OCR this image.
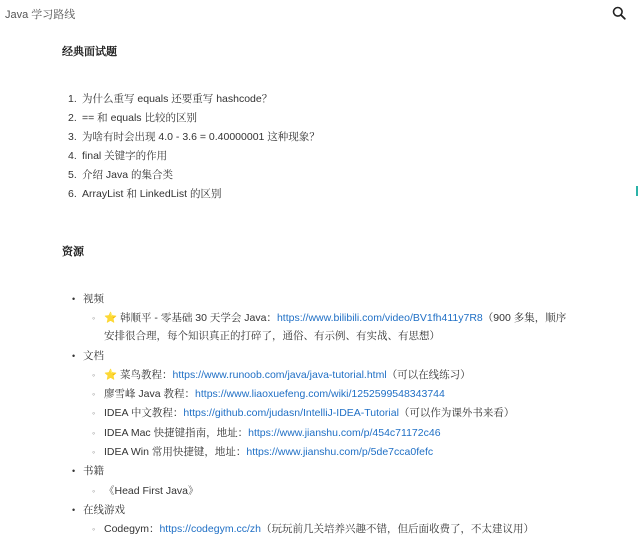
Java 学习路线
经典面试题
1. 为什么重写 equals 还要重写 hashcode？
2. == 和 equals 比较的区别
3. 为啥有时会出现 4.0 - 3.6 = 0.40000001 这种现象？
4. final 关键字的作用
5. 介绍 Java 的集合类
6. ArrayList 和 LinkedList 的区别
资源
• 视频
◦ ⭐ 韩顺平 - 零基础 30 天学会 Java：https://www.bilibili.com/video/BV1fh411y7R8（900 多集，顺序
安排很合理，每个知识真正的打碎了，通俗、有示例、有实战、有思想）
• 文档
◦ ⭐ 菜鸟教程：https://www.runoob.com/java/java-tutorial.html（可以在线练习）
◦ 廖雪峰 Java 教程：https://www.liaoxuefeng.com/wiki/1252599548343744
◦ IDEA 中文教程：https://github.com/judasn/IntelliJ-IDEA-Tutorial（可以作为课外书来看）
◦ IDEA Mac 快捷键指南，地址：https://www.jianshu.com/p/454c71172c46
◦ IDEA Win 常用快捷键，地址：https://www.jianshu.com/p/5de7cca0fefc
• 书籍
◦ 《Head First Java》
• 在线游戏
◦ Codegym：https://codegym.cc/zh（玩玩前几关培养兴趣不错，但后面收费了，不太建议用）
